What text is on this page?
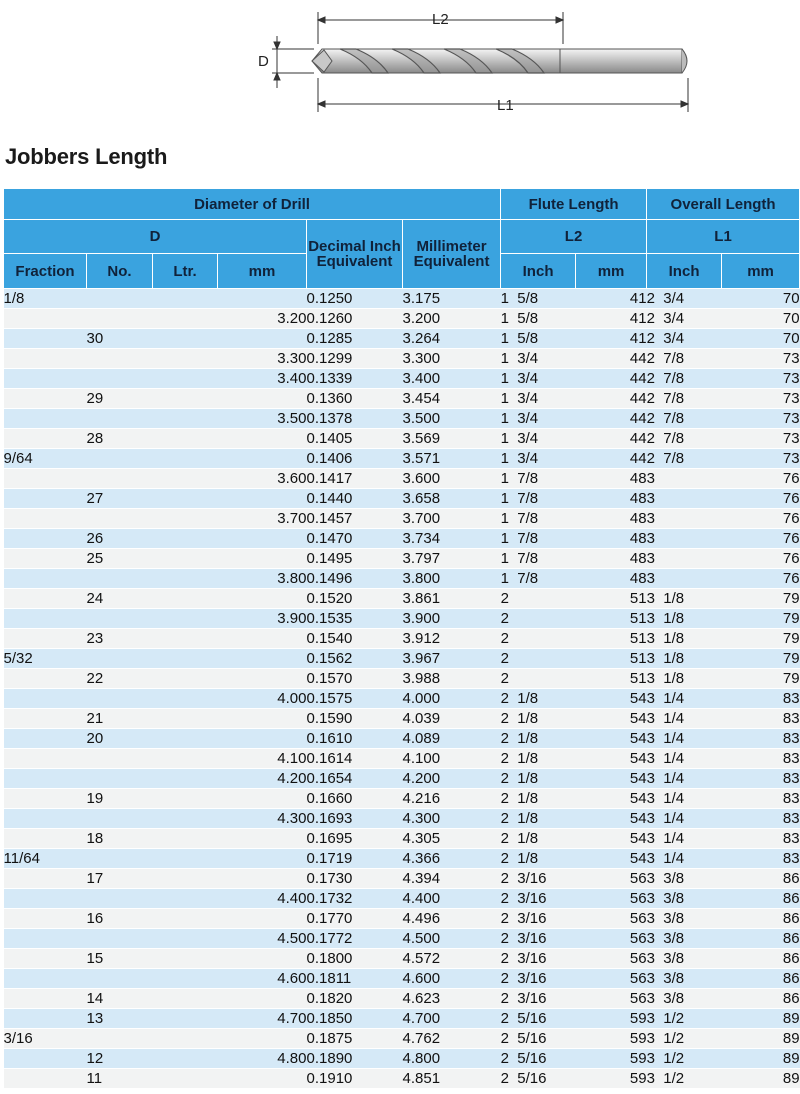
L2
L1
D
Jobbers Length
Diameter of Drill						Flute Length		Overall Length	
D				Decimal Inch Equivalent	Millimeter Equivalent	L2		L1	
Fraction	No.	Ltr.	mm			Inch	mm	Inch	mm
1/8				0.1250	3.175	1  5/8	41	2  3/4	70
			3.20	0.1260	3.200	1  5/8	41	2  3/4	70
	30			0.1285	3.264	1  5/8	41	2  3/4	70
			3.30	0.1299	3.300	1  3/4	44	2  7/8	73
			3.40	0.1339	3.400	1  3/4	44	2  7/8	73
	29			0.1360	3.454	1  3/4	44	2  7/8	73
			3.50	0.1378	3.500	1  3/4	44	2  7/8	73
	28			0.1405	3.569	1  3/4	44	2  7/8	73
9/64				0.1406	3.571	1  3/4	44	2  7/8	73
			3.60	0.1417	3.600	1  7/8	48	3	76
	27			0.1440	3.658	1  7/8	48	3	76
			3.70	0.1457	3.700	1  7/8	48	3	76
	26			0.1470	3.734	1  7/8	48	3	76
	25			0.1495	3.797	1  7/8	48	3	76
			3.80	0.1496	3.800	1  7/8	48	3	76
	24			0.1520	3.861	2	51	3  1/8	79
			3.90	0.1535	3.900	2	51	3  1/8	79
	23			0.1540	3.912	2	51	3  1/8	79
5/32				0.1562	3.967	2	51	3  1/8	79
	22			0.1570	3.988	2	51	3  1/8	79
			4.00	0.1575	4.000	2  1/8	54	3  1/4	83
	21			0.1590	4.039	2  1/8	54	3  1/4	83
	20			0.1610	4.089	2  1/8	54	3  1/4	83
			4.10	0.1614	4.100	2  1/8	54	3  1/4	83
			4.20	0.1654	4.200	2  1/8	54	3  1/4	83
	19			0.1660	4.216	2  1/8	54	3  1/4	83
			4.30	0.1693	4.300	2  1/8	54	3  1/4	83
	18			0.1695	4.305	2  1/8	54	3  1/4	83
11/64				0.1719	4.366	2  1/8	54	3  1/4	83
	17			0.1730	4.394	2  3/16	56	3  3/8	86
			4.40	0.1732	4.400	2  3/16	56	3  3/8	86
	16			0.1770	4.496	2  3/16	56	3  3/8	86
			4.50	0.1772	4.500	2  3/16	56	3  3/8	86
	15			0.1800	4.572	2  3/16	56	3  3/8	86
			4.60	0.1811	4.600	2  3/16	56	3  3/8	86
	14			0.1820	4.623	2  3/16	56	3  3/8	86
	13		4.70	0.1850	4.700	2  5/16	59	3  1/2	89
3/16				0.1875	4.762	2  5/16	59	3  1/2	89
	12		4.80	0.1890	4.800	2  5/16	59	3  1/2	89
	11			0.1910	4.851	2  5/16	59	3  1/2	89
